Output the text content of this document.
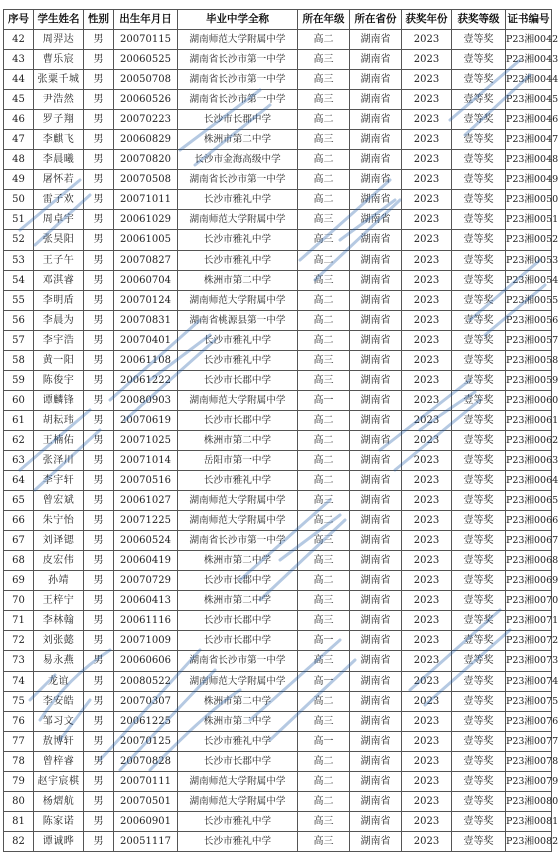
序号	学生姓名	性别	出生年月日	毕业中学全称	所在年级	所在省份	获奖年份	获奖等级	证书编号
42	周羿达	男	20070115	湖南师范大学附属中学	高二	湖南省	2023	壹等奖	P23湘0042
43	曹乐宸	男	20060525	湖南省长沙市第一中学	高三	湖南省	2023	壹等奖	P23湘0043
44	张粟千城	男	20050708	湖南省长沙市第一中学	高三	湖南省	2023	壹等奖	P23湘0044
45	尹浩然	男	20060526	湖南省长沙市第一中学	高三	湖南省	2023	壹等奖	P23湘0045
46	罗子翔	男	20070223	长沙市长郡中学	高二	湖南省	2023	壹等奖	P23湘0046
47	李麒飞	男	20060829	株洲市第二中学	高三	湖南省	2023	壹等奖	P23湘0047
48	李晨曦	男	20070820	长沙市金海高级中学	高二	湖南省	2023	壹等奖	P23湘0048
49	屠怀若	男	20070508	湖南省长沙市第一中学	高二	湖南省	2023	壹等奖	P23湘0049
50	雷子欢	男	20071011	长沙市雅礼中学	高二	湖南省	2023	壹等奖	P23湘0050
51	周卓宇	男	20061029	湖南师范大学附属中学	高三	湖南省	2023	壹等奖	P23湘0051
52	张昊阳	男	20061005	长沙市雅礼中学	高三	湖南省	2023	壹等奖	P23湘0052
53	王子午	男	20070827	长沙市雅礼中学	高二	湖南省	2023	壹等奖	P23湘0053
54	邓淇睿	男	20060704	株洲市第二中学	高三	湖南省	2023	壹等奖	P23湘0054
55	李明盾	男	20070124	湖南师范大学附属中学	高二	湖南省	2023	壹等奖	P23湘0055
56	李晨为	男	20070831	湖南省桃源县第一中学	高二	湖南省	2023	壹等奖	P23湘0056
57	李宇浩	男	20070401	长沙市雅礼中学	高二	湖南省	2023	壹等奖	P23湘0057
58	黄一阳	男	20061108	长沙市雅礼中学	高三	湖南省	2023	壹等奖	P23湘0058
59	陈俊宇	男	20061222	长沙市长郡中学	高三	湖南省	2023	壹等奖	P23湘0059
60	谭麟锋	男	20080903	湖南师范大学附属中学	高一	湖南省	2023	壹等奖	P23湘0060
61	胡耘玮	男	20070619	长沙市长郡中学	高二	湖南省	2023	壹等奖	P23湘0061
62	王楠佑	男	20071025	株洲市第二中学	高二	湖南省	2023	壹等奖	P23湘0062
63	张泽川	男	20071014	岳阳市第一中学	高二	湖南省	2023	壹等奖	P23湘0063
64	李宇轩	男	20070516	长沙市雅礼中学	高二	湖南省	2023	壹等奖	P23湘0064
65	曾宏斌	男	20061027	湖南师范大学附属中学	高三	湖南省	2023	壹等奖	P23湘0065
66	朱宁怡	男	20071225	湖南师范大学附属中学	高二	湖南省	2023	壹等奖	P23湘0066
67	刘译锶	男	20060524	湖南省长沙市第一中学	高三	湖南省	2023	壹等奖	P23湘0067
68	皮宏伟	男	20060419	株洲市第二中学	高三	湖南省	2023	壹等奖	P23湘0068
69	孙靖	男	20070729	长沙市长郡中学	高二	湖南省	2023	壹等奖	P23湘0069
70	王梓宁	男	20060413	株洲市第二中学	高三	湖南省	2023	壹等奖	P23湘0070
71	李林翰	男	20061116	长沙市长郡中学	高三	湖南省	2023	壹等奖	P23湘0071
72	刘张懿	男	20071009	长沙市长郡中学	高一	湖南省	2023	壹等奖	P23湘0072
73	易永燕	男	20060606	湖南省长沙市第一中学	高三	湖南省	2023	壹等奖	P23湘0073
74	龙谊	男	20080522	湖南师范大学附属中学	高一	湖南省	2023	壹等奖	P23湘0074
75	李安皓	男	20070307	株洲市第二中学	高二	湖南省	2023	壹等奖	P23湘0075
76	邹习文	男	20061225	株洲市第二中学	高三	湖南省	2023	壹等奖	P23湘0076
77	敖博轩	男	20070125	长沙市雅礼中学	高一	湖南省	2023	壹等奖	P23湘0077
78	曾梓睿	男	20070828	长沙市长郡中学	高二	湖南省	2023	壹等奖	P23湘0078
79	赵宇宸棋	男	20070111	湖南师范大学附属中学	高二	湖南省	2023	壹等奖	P23湘0079
80	杨熠航	男	20070501	湖南师范大学附属中学	高二	湖南省	2023	壹等奖	P23湘0080
81	陈家诺	男	20060901	长沙市雅礼中学	高三	湖南省	2023	壹等奖	P23湘0081
82	谭诚晔	男	20051117	长沙市雅礼中学	高三	湖南省	2023	壹等奖	P23湘0082
